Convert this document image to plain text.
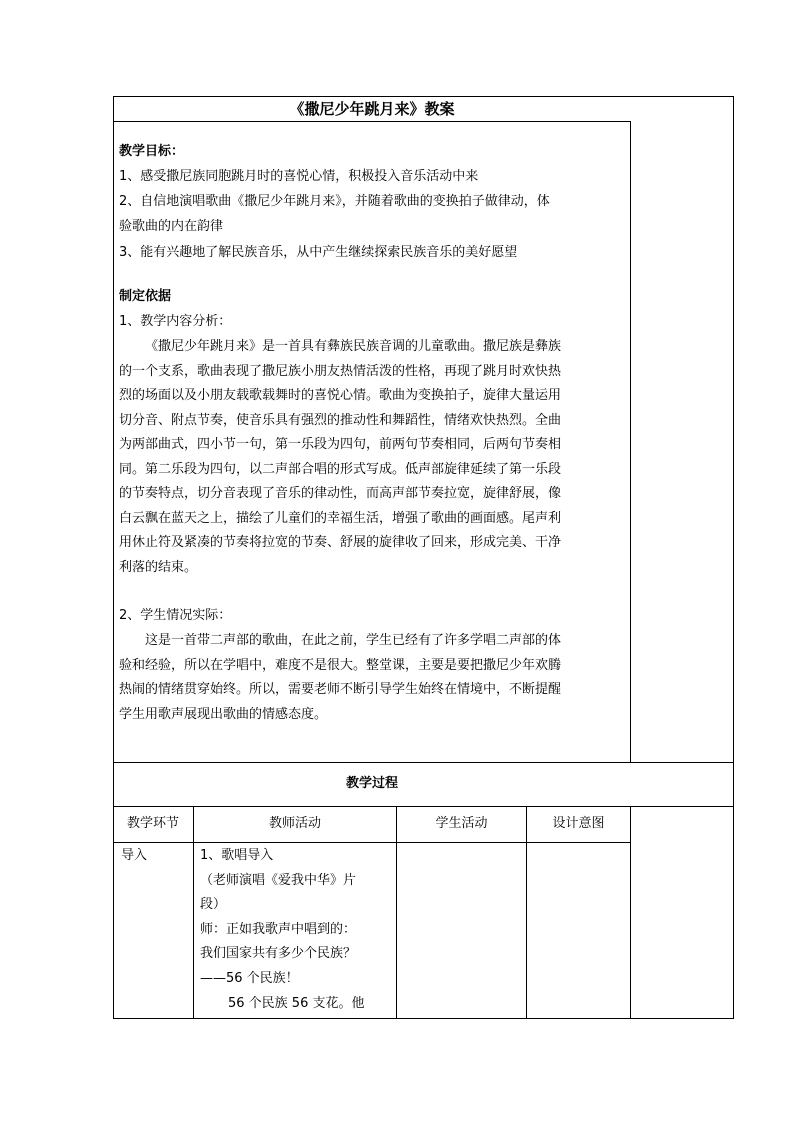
《撒尼少年跳月来》教案
教学目标：
1、感受撒尼族同胞跳月时的喜悦心情，积极投入音乐活动中来
2、自信地演唱歌曲《撒尼少年跳月来》，并随着歌曲的变换拍子做律动，体
验歌曲的内在韵律
3、能有兴趣地了解民族音乐，从中产生继续探索民族音乐的美好愿望
制定依据
1、教学内容分析：
《撒尼少年跳月来》是一首具有彝族民族音调的儿童歌曲。撒尼族是彝族
的一个支系，歌曲表现了撒尼族小朋友热情活泼的性格，再现了跳月时欢快热
烈的场面以及小朋友载歌载舞时的喜悦心情。歌曲为变换拍子，旋律大量运用
切分音、附点节奏，使音乐具有强烈的推动性和舞蹈性，情绪欢快热烈。全曲
为两部曲式，四小节一句，第一乐段为四句，前两句节奏相同，后两句节奏相
同。第二乐段为四句，以二声部合唱的形式写成。低声部旋律延续了第一乐段
的节奏特点，切分音表现了音乐的律动性，而高声部节奏拉宽，旋律舒展，像
白云飘在蓝天之上，描绘了儿童们的幸福生活，增强了歌曲的画面感。尾声利
用休止符及紧凑的节奏将拉宽的节奏、舒展的旋律收了回来，形成完美、干净
利落的结束。
2、学生情况实际：
这是一首带二声部的歌曲，在此之前，学生已经有了许多学唱二声部的体
验和经验，所以在学唱中，难度不是很大。整堂课，主要是要把撒尼少年欢腾
热闹的情绪贯穿始终。所以，需要老师不断引导学生始终在情境中，不断提醒
学生用歌声展现出歌曲的情感态度。
教学过程
教学环节	教师活动	学生活动	设计意图
导入	1、歌唱导入
（老师演唱《爱我中华》片
段）
师：正如我歌声中唱到的：
我们国家共有多少个民族？
——56 个民族！
56 个民族 56 支花。他
